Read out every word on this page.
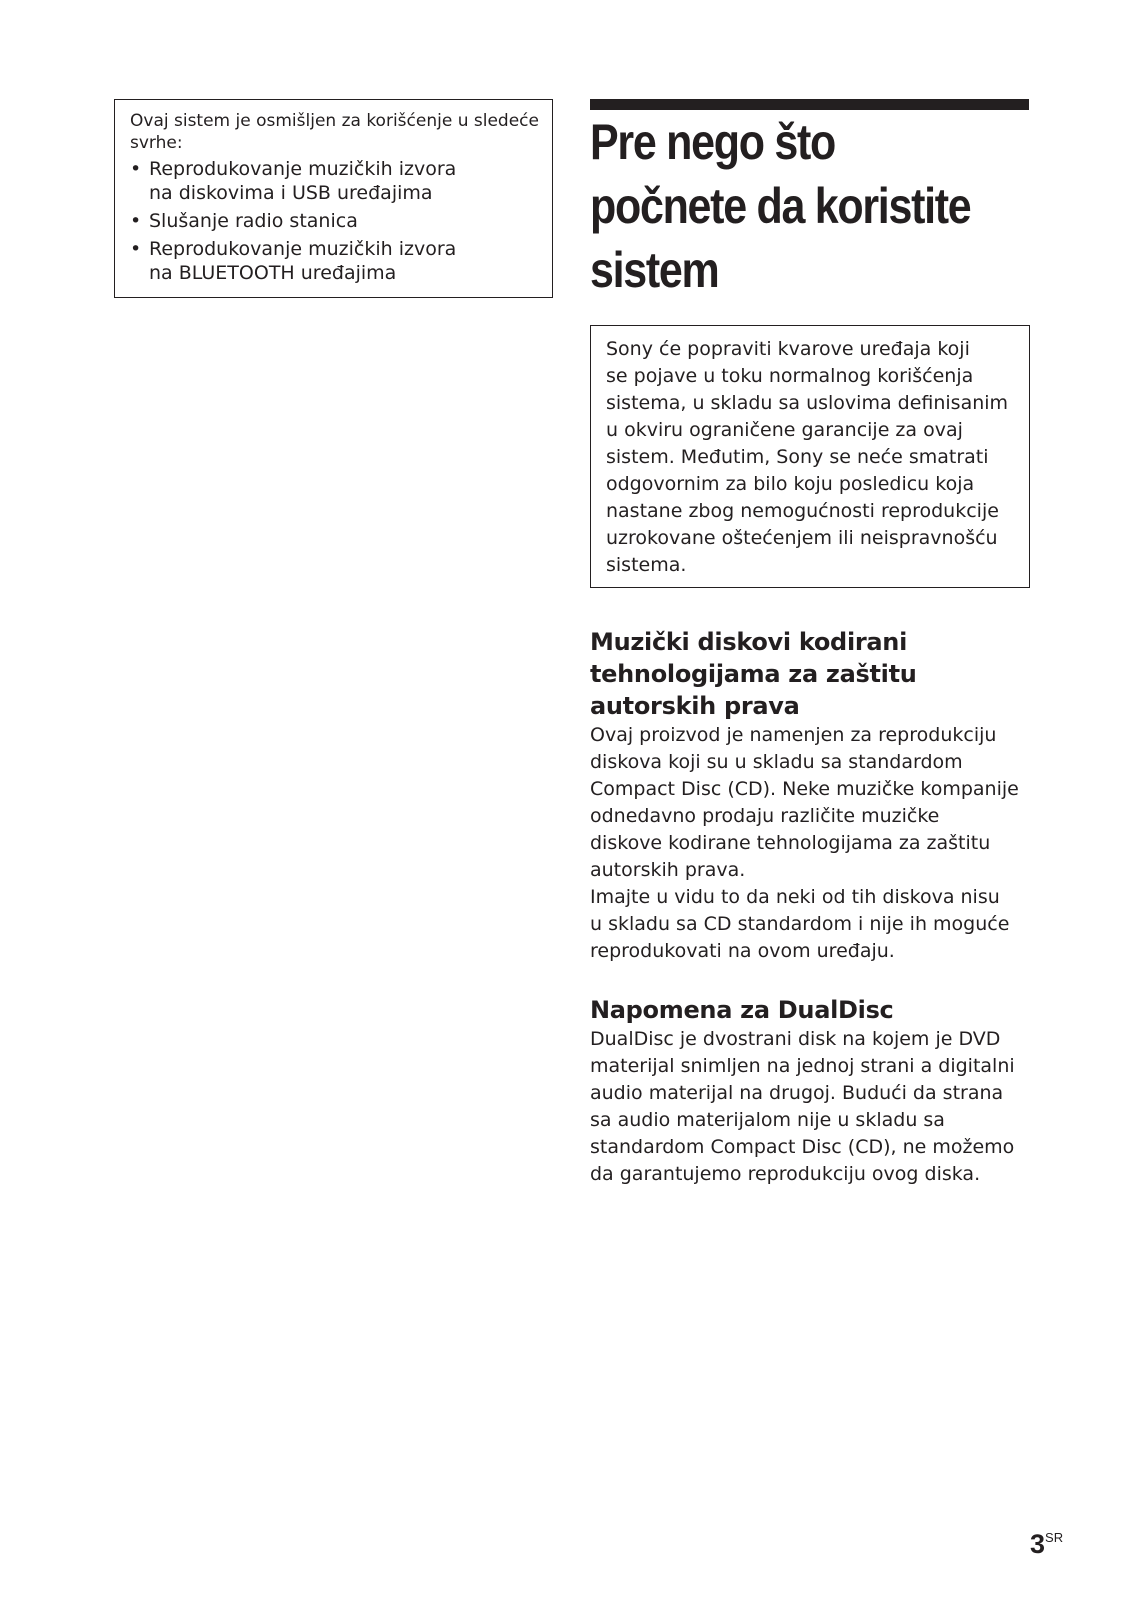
Ovaj sistem je osmišljen za korišćenje u sledeće
svrhe:
• Reprodukovanje muzičkih izvora
na diskovima i USB uređajima
• Slušanje radio stanica
• Reprodukovanje muzičkih izvora
na BLUETOOTH uređajima
Pre nego što
počnete da koristite
sistem
Sony će popraviti kvarove uređaja koji
se pojave u toku normalnog korišćenja
sistema, u skladu sa uslovima definisanim
u okviru ograničene garancije za ovaj
sistem. Međutim, Sony se neće smatrati
odgovornim za bilo koju posledicu koja
nastane zbog nemogućnosti reprodukcije
uzrokovane oštećenjem ili neispravnošću
sistema.
Muzički diskovi kodirani
tehnologijama za zaštitu
autorskih prava
Ovaj proizvod je namenjen za reprodukciju
diskova koji su u skladu sa standardom
Compact Disc (CD). Neke muzičke kompanije
odnedavno prodaju različite muzičke
diskove kodirane tehnologijama za zaštitu
autorskih prava.
Imajte u vidu to da neki od tih diskova nisu
u skladu sa CD standardom i nije ih moguće
reprodukovati na ovom uređaju.
Napomena za DualDisc
DualDisc je dvostrani disk na kojem je DVD
materijal snimljen na jednoj strani a digitalni
audio materijal na drugoj. Budući da strana
sa audio materijalom nije u skladu sa
standardom Compact Disc (CD), ne možemo
da garantujemo reprodukciju ovog diska.
$3^{SR}$
